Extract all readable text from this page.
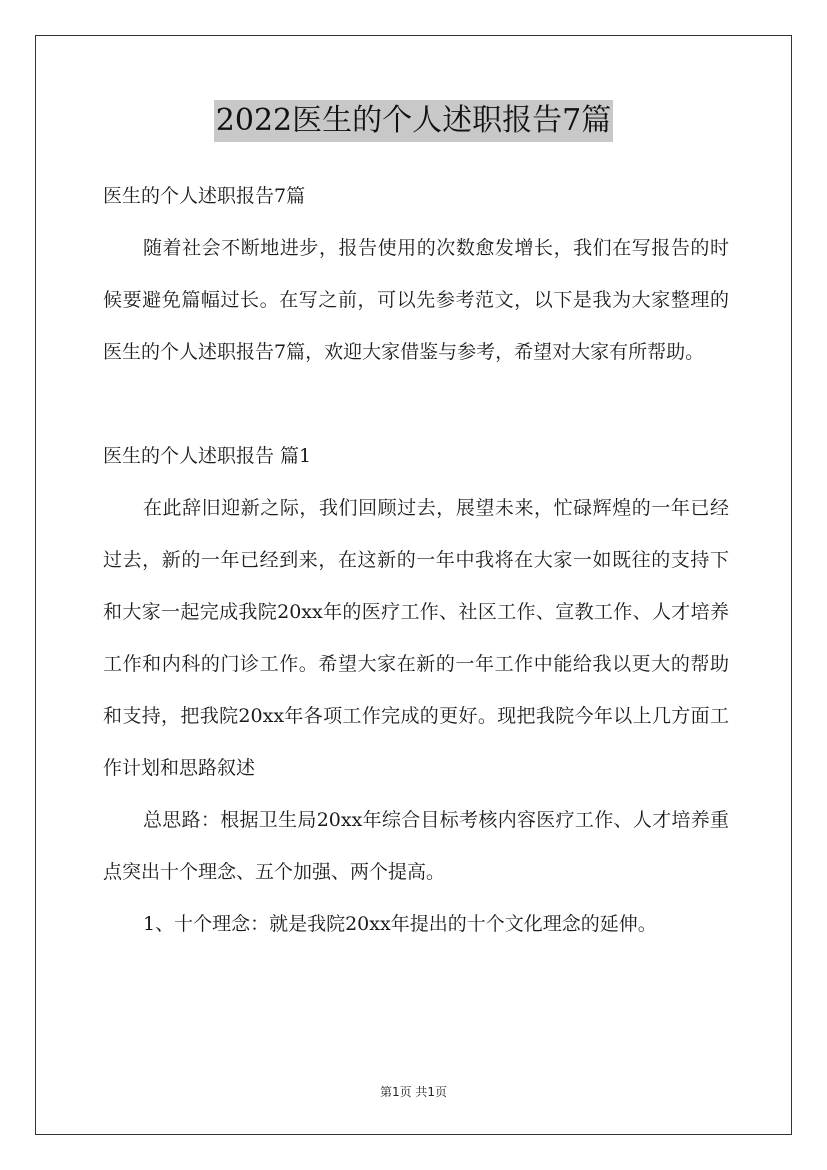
2022医生的个人述职报告7篇

医生的个人述职报告7篇

随着社会不断地进步，报告使用的次数愈发增长，我们在写报告的时候要避免篇幅过长。在写之前，可以先参考范文，以下是我为大家整理的医生的个人述职报告7篇，欢迎大家借鉴与参考，希望对大家有所帮助。

医生的个人述职报告 篇1

在此辞旧迎新之际，我们回顾过去，展望未来，忙碌辉煌的一年已经过去，新的一年已经到来，在这新的一年中我将在大家一如既往的支持下和大家一起完成我院20xx年的医疗工作、社区工作、宣教工作、人才培养工作和内科的门诊工作。希望大家在新的一年工作中能给我以更大的帮助和支持，把我院20xx年各项工作完成的更好。现把我院今年以上几方面工作计划和思路叙述

总思路：根据卫生局20xx年综合目标考核内容医疗工作、人才培养重点突出十个理念、五个加强、两个提高。

1、十个理念：就是我院20xx年提出的十个文化理念的延伸。

第1页 共1页
